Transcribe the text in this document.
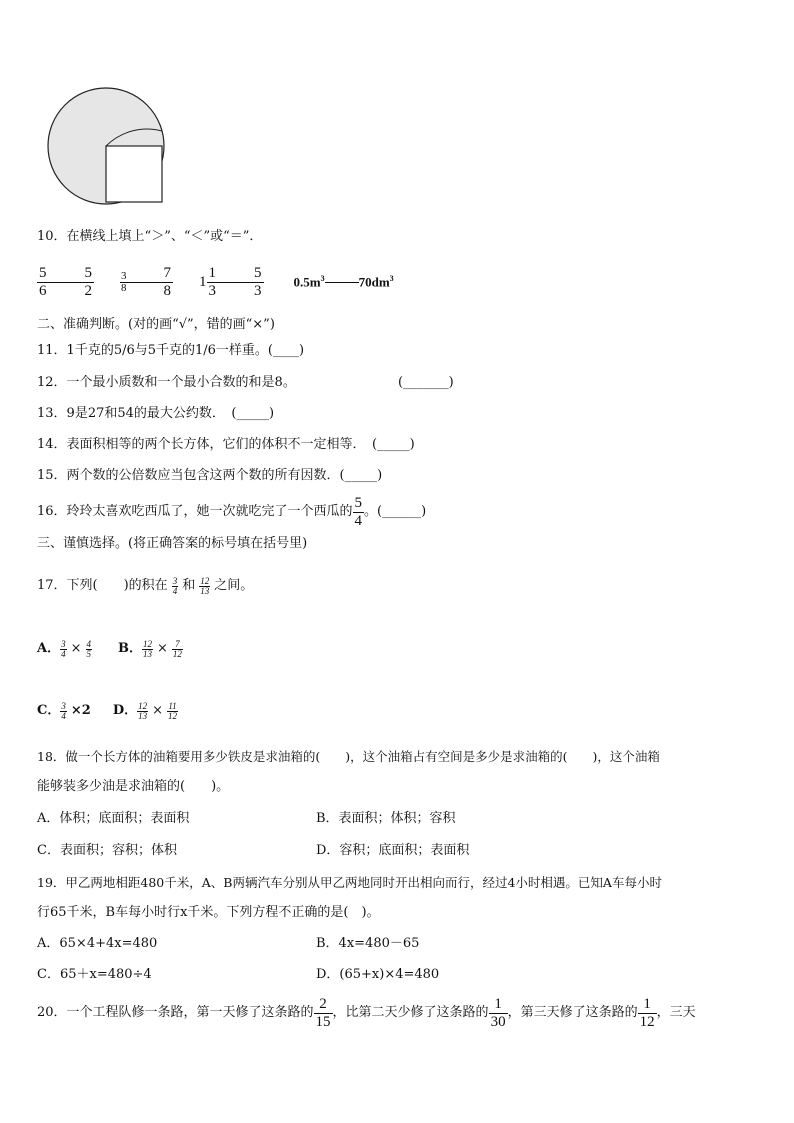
10．在横线上填上“＞”、“＜”或“＝”．
$\frac{5}{6} \frac{5}{2} \frac{3}{8} \frac{7}{8} 1 \frac{1}{3} \frac{5}{3} 0.5m^3$	$70dm^3$
二、准确判断。(对的画“√”，错的画“×”)
11．1千克的5/6与5千克的1/6一样重。(____)
12．一个最小质数和一个最小合数的和是8。	(_______)
13．9是27和54的最大公约数．　(_____)
14．表面积相等的两个长方体，它们的体积不一定相等．　(_____)
15．两个数的公倍数应当包含这两个数的所有因数．(_____)
16．玲玲太喜欢吃西瓜了，她一次就吃完了一个西瓜的 $\frac{5}{4}$ 。(______)
三、谨慎选择。(将正确答案的标号填在括号里)
17．下列(　　)的积在 $\frac{3}{4}$ 和 $\frac{12}{13}$ 之间。
A． $\frac{3}{4} \times \frac{4}{5}$ B． $\frac{12}{13} \times \frac{7}{12}$
C． $\frac{3}{4} \times 2$ D． $\frac{12}{13} \times \frac{11}{12}$
18．做一个长方体的油箱要用多少铁皮是求油箱的(　　)，这个油箱占有空间是多少是求油箱的(　　)，这个油箱
能够装多少油是求油箱的(　　)。
A．体积；底面积；表面积	B．表面积；体积；容积
C．表面积；容积；体积	D．容积；底面积；表面积
19．甲乙两地相距480千米，A、B两辆汽车分别从甲乙两地同时开出相向而行，经过4小时相遇。已知A车每小时
行65千米，B车每小时行x千米。下列方程不正确的是(　)。
A．65×4+4x=480	B．4x=480－65
C．65＋x=480÷4	D．(65+x)×4=480
20．一个工程队修一条路，第一天修了这条路的 $\frac{2}{15}$ ，比第二天少修了这条路的 $\frac{1}{30}$ ，第三天修了这条路的 $\frac{1}{12}$ ，三天
